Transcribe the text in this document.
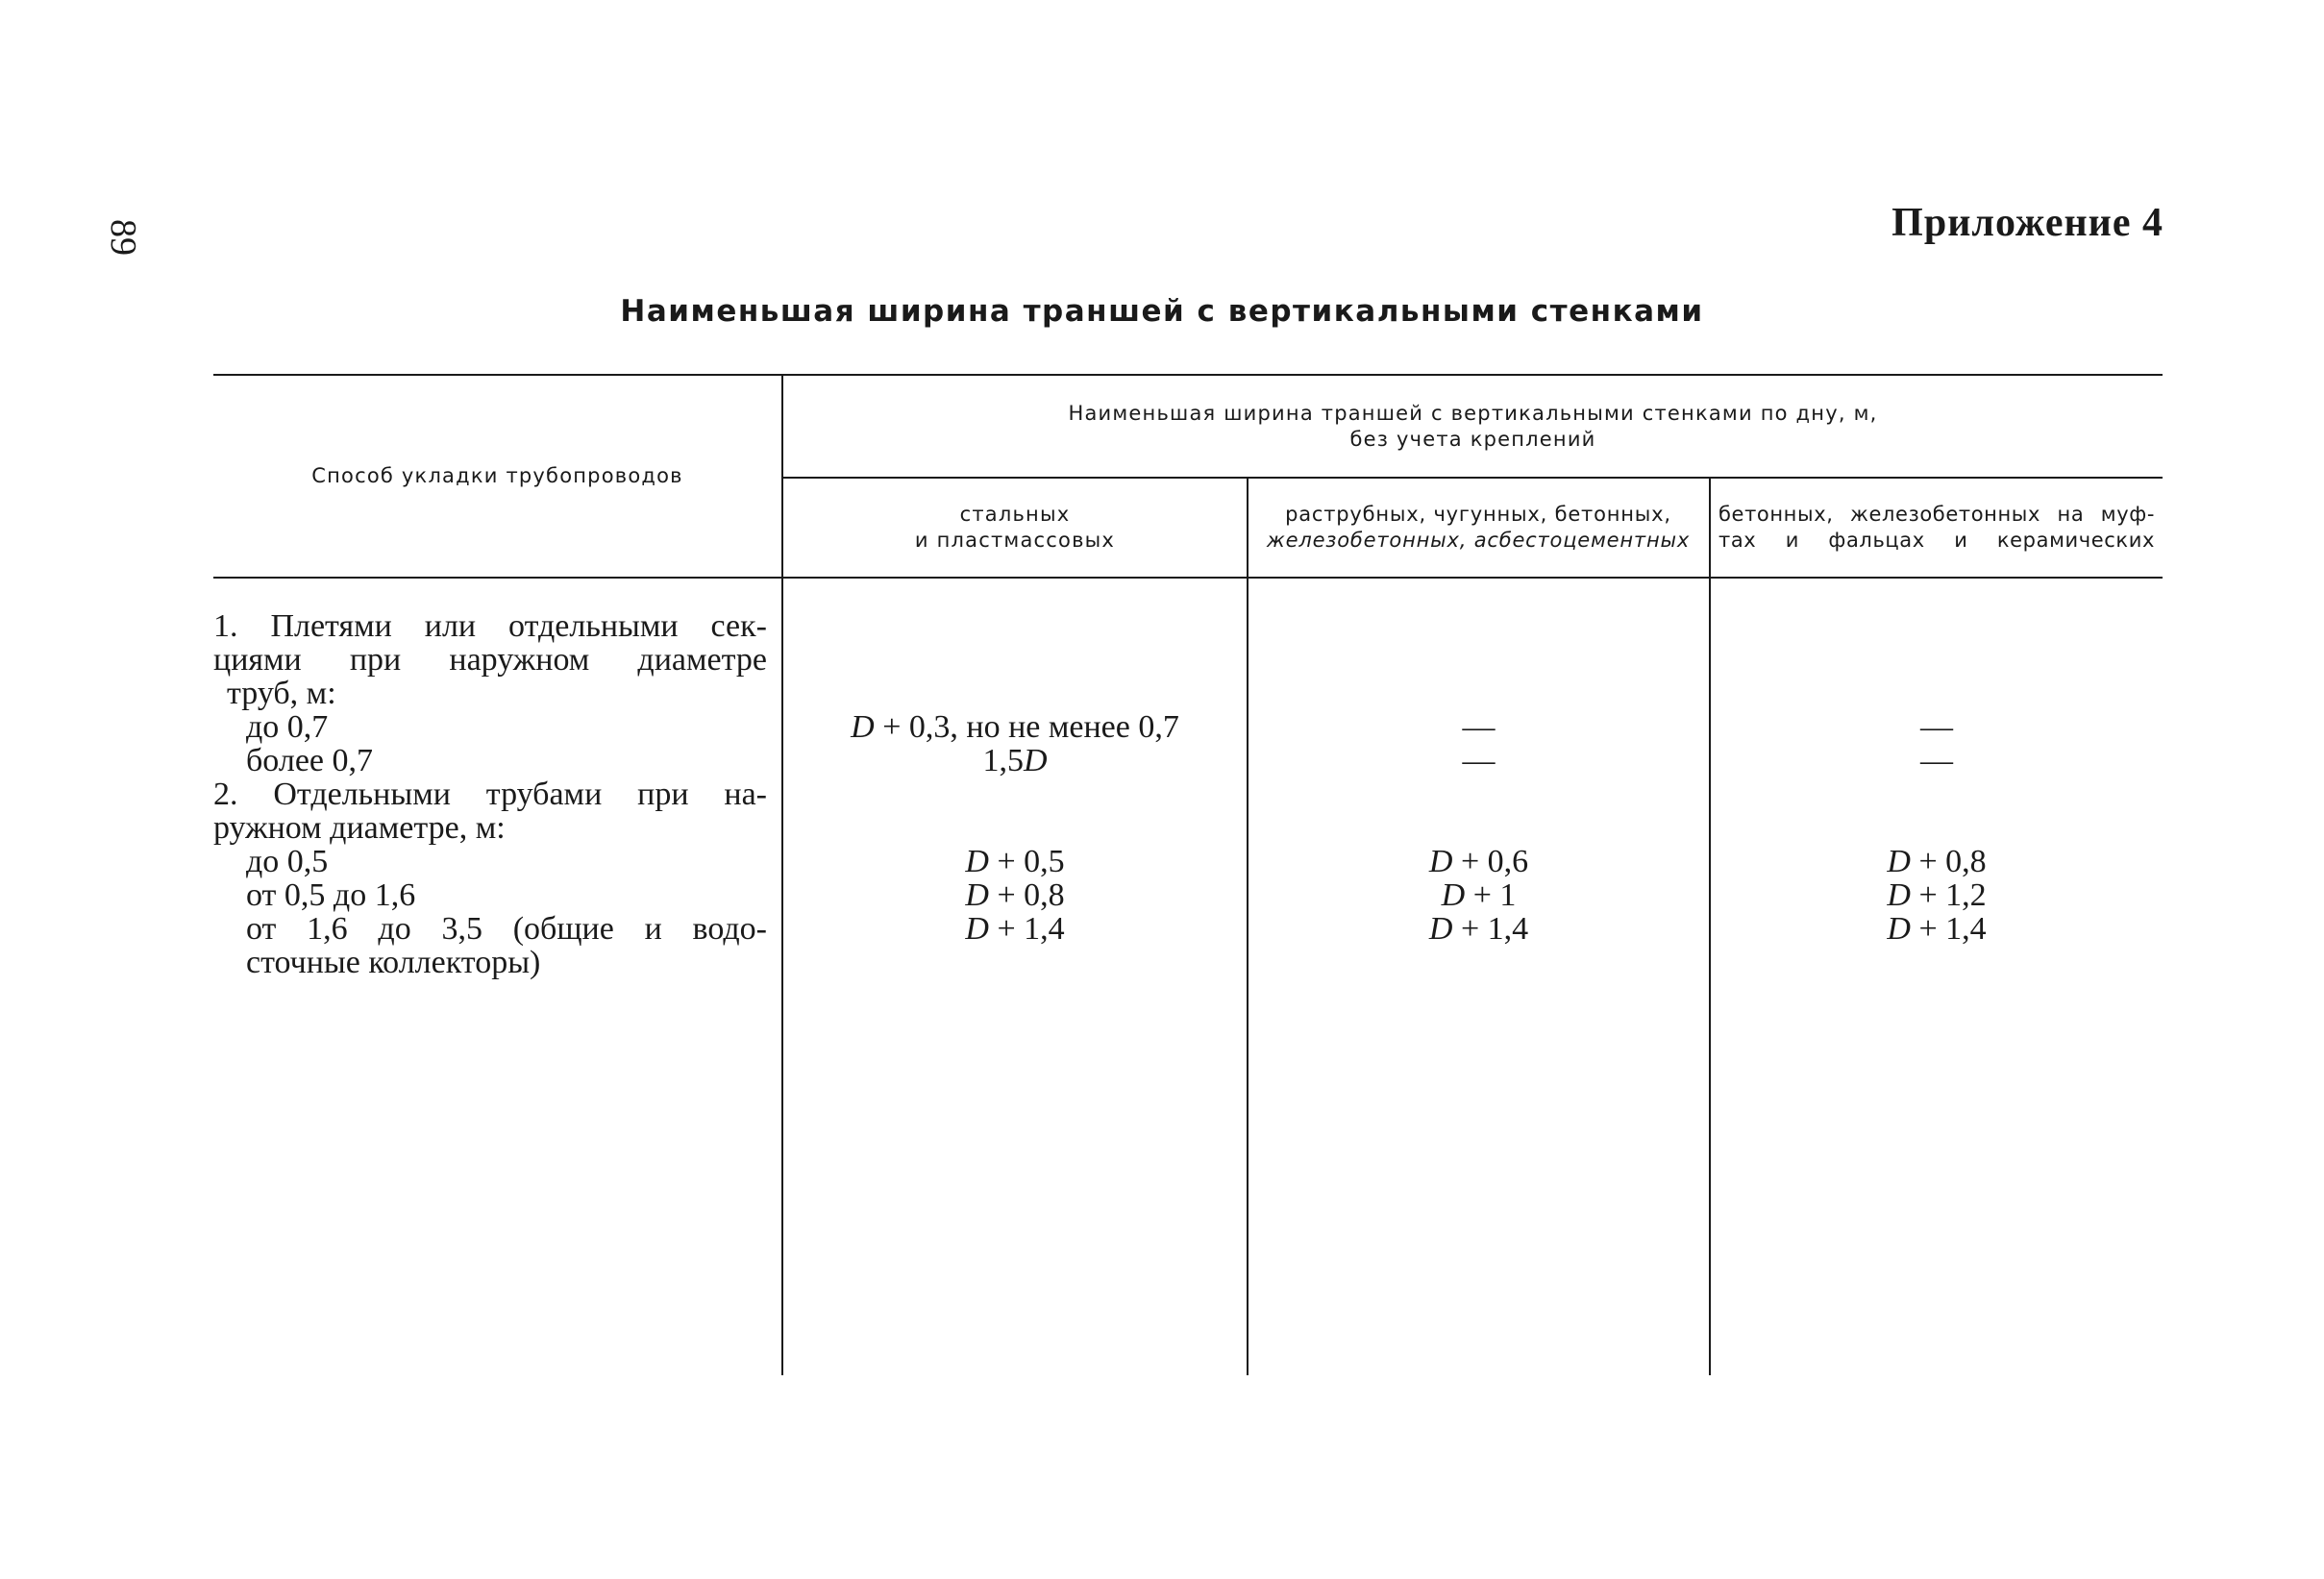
89	Приложение 4
Наименьшая ширина траншей с вертикальными стенками
Способ укладки трубопроводов
Наименьшая ширина траншей с вертикальными стенками по дну, м,
без учета креплений
стальных
и пластмассовых
раструбных, чугунных, бетонных,
железобетонных, асбестоцементных
бетонных, железобетонных на муф-
тах и фальцах и керамических
1. Плетями или отдельными сек-
циями при наружном диаметре
труб, м:
до 0,7
более 0,7
2. Отдельными трубами при на-
ружном диаметре, м:
до 0,5
от 0,5 до 1,6
от 1,6 до 3,5 (общие и водо-
сточные коллекторы)
D + 0,3, но не менее 0,7
1,5D
D + 0,5
D + 0,8
D + 1,4
—
—
D + 0,6
D + 1
D + 1,4
—
—
D + 0,8
D + 1,2
D + 1,4
